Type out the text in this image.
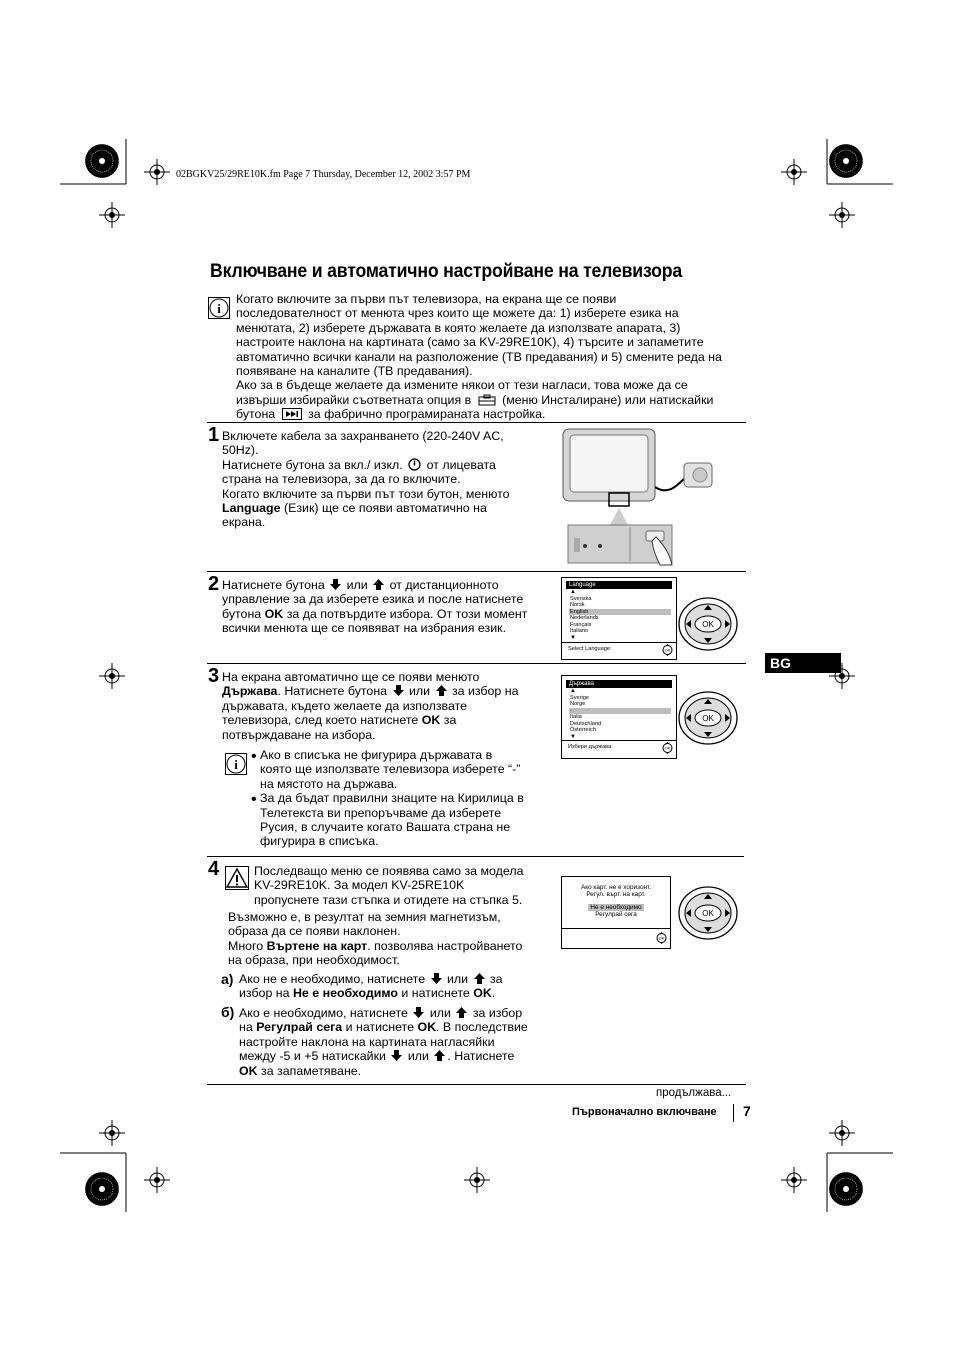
02BGKV25/29RE10K.fm Page 7 Thursday, December 12, 2002 3:57 PM
Включване и автоматично настройване на телевизора
i

Когато включите за първи път телевизора, на екрана ще се появи

последователност от менюта чрез които ще можете да: 1) изберете езика на

менютата, 2) изберете държавата в която желаете да използвате апарата, 3)

настроите наклона на картината (само за KV-29RE10K), 4) търсите и запаметите

автоматично всички канали на разположение (ТВ предавания) и 5) смените реда на

появяване на каналите (ТВ предавания).

Ако за в бъдеще желаете да измените някои от тези нагласи, това може да се

извърши избирайки съответната опция в (меню Инсталиране) или натискайки

бутона	за фабрично програмираната настройка.

1 Включете кабела за захранването (220-240V AC,

50Hz).

Натиснете бутона за вкл./ изкл. от лицевата

страна на телевизора, за да го включите.

Когато включите за първи път този бутон, менюто

Language (Език) ще се появи автоматично на

екрана.

2 Натиснете бутона или от дистанционното

управление за да изберете езика и после натиснете

бутона OK за да потвърдите избора. От този момент

всички менюта ще се появяват на избрания език.

Language
▲
Svenska
Norsk
English
Nederlands
Français
Italiano
▼
Select Language:	OK
OK
BG
3 На екрана автоматично ще се появи менюто

Държава. Натиснете бутона или за избор на

държавата, където желаете да използвате

телевизора, след което натиснете OK за

потвърждаване на избора.

i

• Ако в списъка не фигурира държавата в

която ще използвате телевизора изберете “-”

на мястото на държава.

• За да бъдат правилни знаците на Кирилица в

Телетекста ви препоръчваме да изберете

Русия, в случаите когато Вашата страна не

фигурира в списъка.

Държава
▲
Sverige
Norge
-
Italia
Deutschland
Österreich
▼
Избери държава:	OK
OK
4	Последващо меню се появява само за модела

KV-29RE10K. За модел KV-25RE10K

пропуснете тази стъпка и отидете на стъпка 5.

Възможно е, в резултат на земния магнетизъм,

образа да се появи наклонен.

Много Въртене на карт. позволява настройването

на образа, при необходимост.

a) Ако не е необходимо, натиснете или за

избор на Не е необходимо и натиснете OK.

б) Ако е необходимо, натиснете или за избор

на Регулрай сега и натиснете OK. В последствие

настройте наклона на картината нагласяйки

между -5 и +5 натискайки или . Натиснете

OK за запаметяване.

Ако карт. не е хоризонт.
Регул. върт. на карт.
Не е необходимо
Регулрай сега
OK
OK
продължава...
Първоначално включване 7
